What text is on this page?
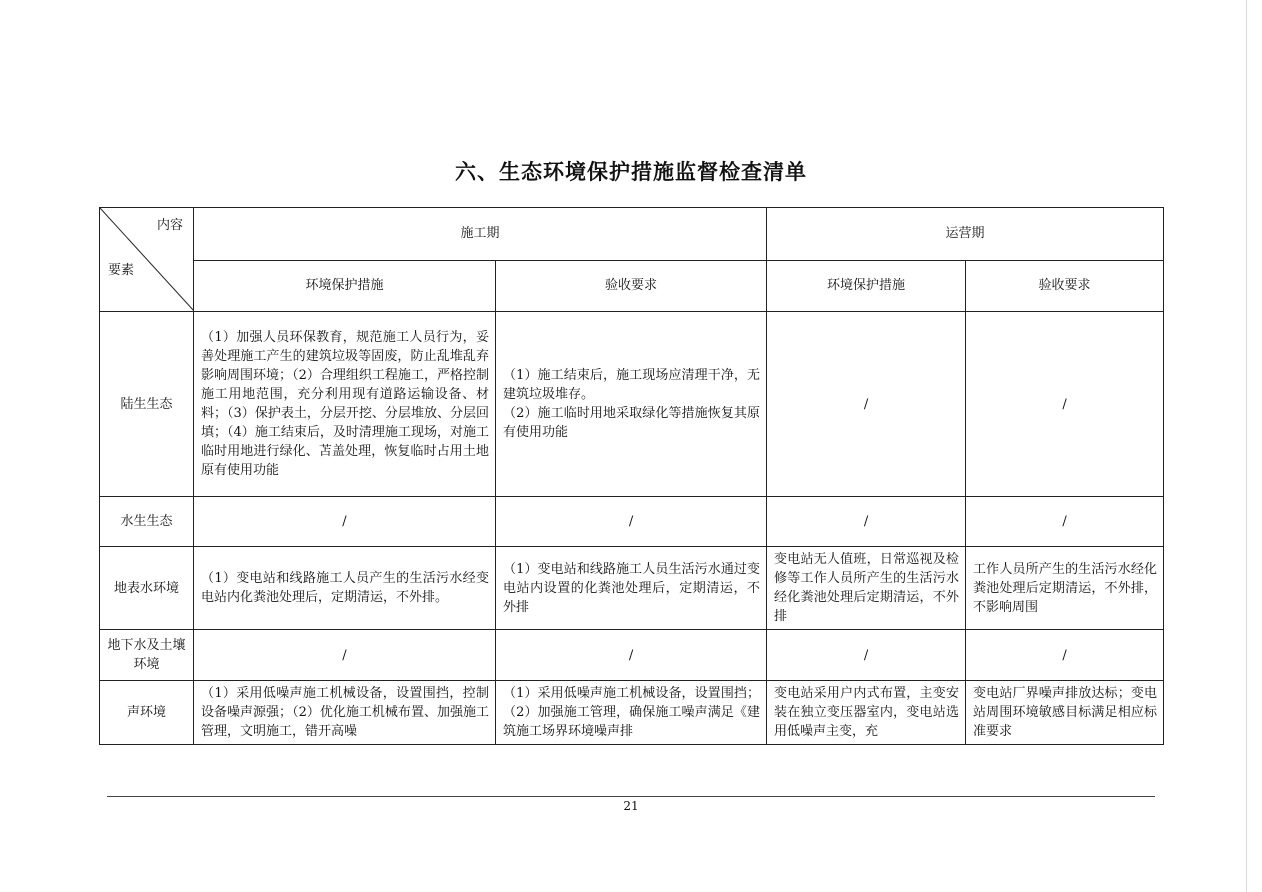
六、生态环境保护措施监督检查清单
内容
要素	施工期		运营期	
	环境保护措施	验收要求	环境保护措施	验收要求
陆生生态	（1）加强人员环保教育，规范施工人员行为，妥善处理施工产生的建筑垃圾等固废，防止乱堆乱弃影响周围环境；（2）合理组织工程施工，严格控制施工用地范围，充分利用现有道路运输设备、材料；（3）保护表土，分层开挖、分层堆放、分层回填；（4）施工结束后，及时清理施工现场，对施工临时用地进行绿化、苫盖处理，恢复临时占用土地原有使用功能	（1）施工结束后，施工现场应清理干净，无建筑垃圾堆存。
（2）施工临时用地采取绿化等措施恢复其原有使用功能	/	/
水生生态	/	/	/	/
地表水环境	（1）变电站和线路施工人员产生的生活污水经变电站内化粪池处理后，定期清运，不外排。	（1）变电站和线路施工人员生活污水通过变电站内设置的化粪池处理后，定期清运，不外排	变电站无人值班，日常巡视及检修等工作人员所产生的生活污水经化粪池处理后定期清运，不外排	工作人员所产生的生活污水经化粪池处理后定期清运，不外排，不影响周围
地下水及土壤环境	/	/	/	/
声环境	（1）采用低噪声施工机械设备，设置围挡，控制设备噪声源强；（2）优化施工机械布置、加强施工管理，文明施工，错开高噪	（1）采用低噪声施工机械设备，设置围挡；（2）加强施工管理，确保施工噪声满足《建筑施工场界环境噪声排	变电站采用户内式布置，主变安装在独立变压器室内，变电站选用低噪声主变，充	变电站厂界噪声排放达标；变电站周围环境敏感目标满足相应标准要求
21
